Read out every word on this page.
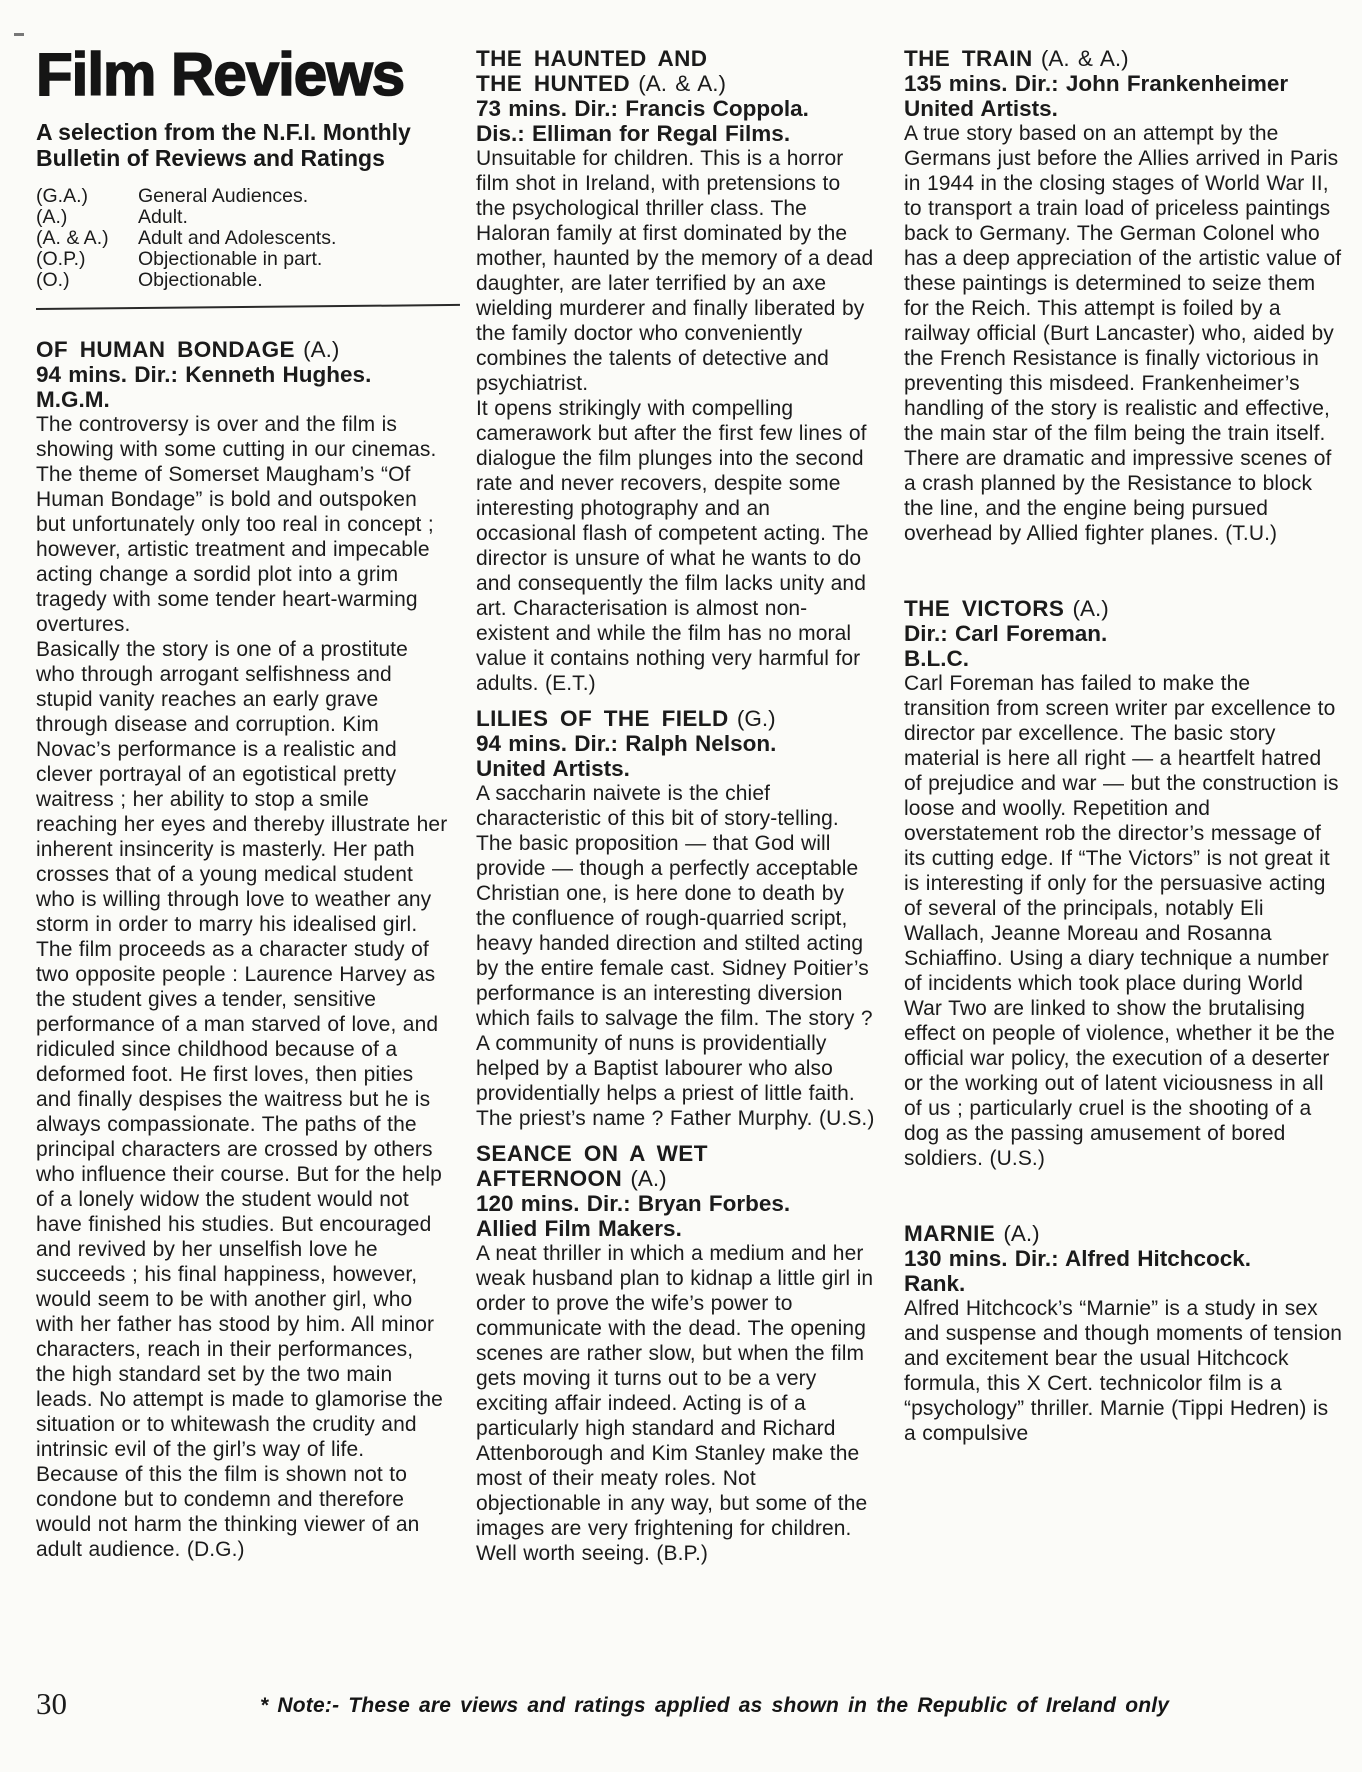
Film Reviews
A selection from the N.F.I. Monthly
Bulletin of Reviews and Ratings
(G.A.)	General Audiences.
(A.)	Adult.
(A. & A.)	Adult and Adolescents.
(O.P.)	Objectionable in part.
(O.)	Objectionable.
OF HUMAN BONDAGE (A.)
94 mins. Dir.: Kenneth Hughes.
M.G.M.

The controversy is over and the film is showing with some cutting in our cinemas.

The theme of Somerset Maugham’s “Of Human Bondage” is bold and outspoken but unfortunately only too real in concept ; however, artistic treatment and impecable acting change a sordid plot into a grim tragedy with some tender heart-warming overtures.

Basically the story is one of a prostitute who through arrogant selfishness and stupid vanity reaches an early grave through disease and corruption. Kim Novac’s performance is a realistic and clever portrayal of an egotistical pretty waitress ; her ability to stop a smile reaching her eyes and thereby illustrate her inherent insincerity is masterly. Her path crosses that of a young medical student who is willing through love to weather any storm in order to marry his idealised girl. The film proceeds as a character study of two opposite people : Laurence Harvey as the student gives a tender, sensitive performance of a man starved of love, and ridiculed since childhood because of a deformed foot. He first loves, then pities and finally despises the waitress but he is always compassionate. The paths of the principal characters are crossed by others who influence their course. But for the help of a lonely widow the student would not have finished his studies. But encouraged and revived by her unselfish love he succeeds ; his final happiness, however, would seem to be with another girl, who with her father has stood by him. All minor characters, reach in their performances, the high standard set by the two main leads. No attempt is made to glamorise the situation or to whitewash the crudity and intrinsic evil of the girl’s way of life. Because of this the film is shown not to condone but to condemn and therefore would not harm the thinking viewer of an adult audience. (D.G.)

THE HAUNTED AND
THE HUNTED (A. & A.)
73 mins. Dir.: Francis Coppola.
Dis.: Elliman for Regal Films.

Unsuitable for children. This is a horror film shot in Ireland, with pretensions to the psychological thriller class. The Haloran family at first dominated by the mother, haunted by the memory of a dead daughter, are later terrified by an axe wielding murderer and finally liberated by the family doctor who conveniently combines the talents of detective and psychiatrist.

It opens strikingly with compelling camerawork but after the first few lines of dialogue the film plunges into the second rate and never recovers, despite some interesting photography and an occasional flash of competent acting. The director is unsure of what he wants to do and consequently the film lacks unity and art. Characterisation is almost non-existent and while the film has no moral value it contains nothing very harmful for adults. (E.T.)

LILIES OF THE FIELD (G.)
94 mins. Dir.: Ralph Nelson.
United Artists.

A saccharin naivete is the chief characteristic of this bit of story-telling. The basic proposition — that God will provide — though a perfectly acceptable Christian one, is here done to death by the confluence of rough-quarried script, heavy handed direction and stilted acting by the entire female cast. Sidney Poitier’s performance is an interesting diversion which fails to salvage the film. The story ? A community of nuns is providentially helped by a Baptist labourer who also providentially helps a priest of little faith. The priest’s name ? Father Murphy. (U.S.)

SEANCE ON A WET
AFTERNOON (A.)
120 mins. Dir.: Bryan Forbes.
Allied Film Makers.

A neat thriller in which a medium and her weak husband plan to kidnap a little girl in order to prove the wife’s power to communicate with the dead. The opening scenes are rather slow, but when the film gets moving it turns out to be a very exciting affair indeed. Acting is of a particularly high standard and Richard Attenborough and Kim Stanley make the most of their meaty roles. Not objectionable in any way, but some of the images are very frightening for children. Well worth seeing. (B.P.)

THE TRAIN (A. & A.)
135 mins. Dir.: John Frankenheimer
United Artists.

A true story based on an attempt by the Germans just before the Allies arrived in Paris in 1944 in the closing stages of World War II, to transport a train load of priceless paintings back to Germany. The German Colonel who has a deep appreciation of the artistic value of these paintings is determined to seize them for the Reich. This attempt is foiled by a railway official (Burt Lancaster) who, aided by the French Resistance is finally victorious in preventing this misdeed. Frankenheimer’s handling of the story is realistic and effective, the main star of the film being the train itself. There are dramatic and impressive scenes of a crash planned by the Resistance to block the line, and the engine being pursued overhead by Allied fighter planes. (T.U.)

THE VICTORS (A.)
Dir.: Carl Foreman.
B.L.C.

Carl Foreman has failed to make the transition from screen writer par excellence to director par excellence. The basic story material is here all right — a heartfelt hatred of prejudice and war — but the construction is loose and woolly. Repetition and overstatement rob the director’s message of its cutting edge. If “The Victors” is not great it is interesting if only for the persuasive acting of several of the principals, notably Eli Wallach, Jeanne Moreau and Rosanna Schiaffino. Using a diary technique a number of incidents which took place during World War Two are linked to show the brutalising effect on people of violence, whether it be the official war policy, the execution of a deserter or the working out of latent viciousness in all of us ; particularly cruel is the shooting of a dog as the passing amusement of bored soldiers. (U.S.)

MARNIE (A.)
130 mins. Dir.: Alfred Hitchcock.
Rank.

Alfred Hitchcock’s “Marnie” is a study in sex and suspense and though moments of tension and excitement bear the usual Hitchcock formula, this X Cert. technicolor film is a “psychology” thriller. Marnie (Tippi Hedren) is a compulsive

* Note:- These are views and ratings applied as shown in the Republic of Ireland only
30
